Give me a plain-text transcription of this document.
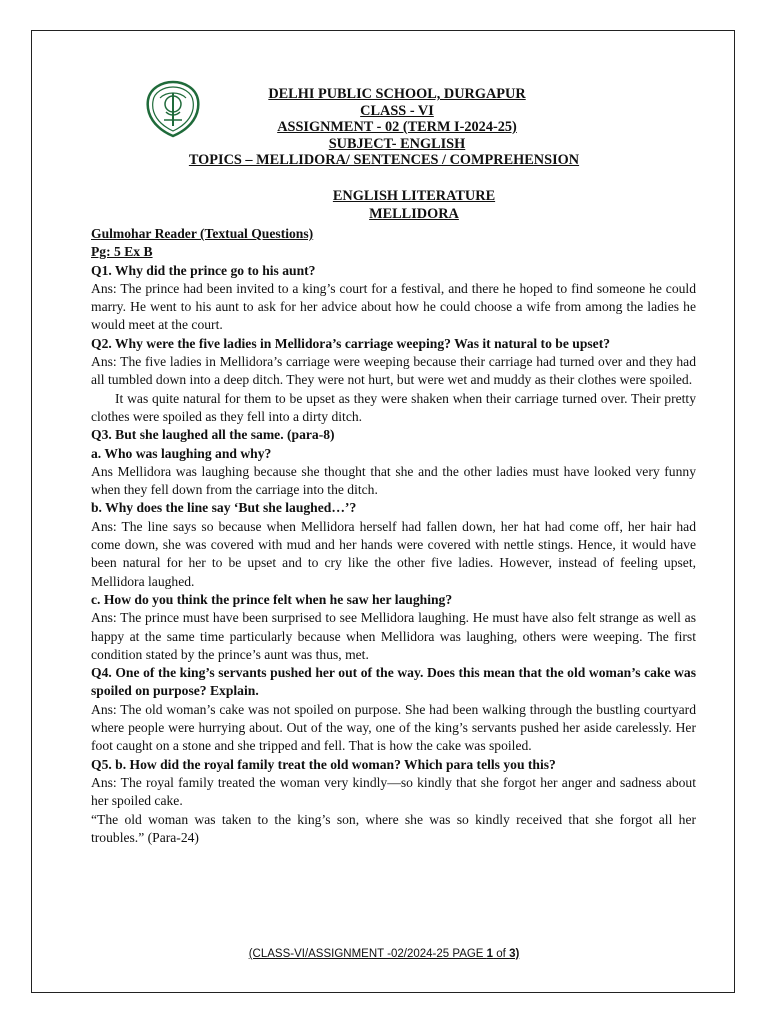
DELHI PUBLIC SCHOOL, DURGAPUR
CLASS - VI
ASSIGNMENT - 02 (TERM I-2024-25)
SUBJECT- ENGLISH
TOPICS – MELLIDORA/ SENTENCES / COMPREHENSION
ENGLISH LITERATURE
MELLIDORA

Gulmohar Reader (Textual Questions)

Pg: 5 Ex B

Q1. Why did the prince go to his aunt?

Ans: The prince had been invited to a king’s court for a festival, and there he hoped to find someone he could marry. He went to his aunt to ask for her advice about how he could choose a wife from among the ladies he would meet at the court.

Q2. Why were the five ladies in Mellidora’s carriage weeping? Was it natural to be upset?

Ans: The five ladies in Mellidora’s carriage were weeping because their carriage had turned over and they had all tumbled down into a deep ditch. They were not hurt, but were wet and muddy as their clothes were spoiled.

It was quite natural for them to be upset as they were shaken when their carriage turned over. Their pretty clothes were spoiled as they fell into a dirty ditch.

Q3. But she laughed all the same. (para-8)

a. Who was laughing and why?

Ans Mellidora was laughing because she thought that she and the other ladies must have looked very funny when they fell down from the carriage into the ditch.

b. Why does the line say ‘But she laughed…’?

Ans: The line says so because when Mellidora herself had fallen down, her hat had come off, her hair had come down, she was covered with mud and her hands were covered with nettle stings. Hence, it would have been natural for her to be upset and to cry like the other five ladies. However, instead of feeling upset, Mellidora laughed.

c. How do you think the prince felt when he saw her laughing?

Ans: The prince must have been surprised to see Mellidora laughing. He must have also felt strange as well as happy at the same time particularly because when Mellidora was laughing, others were weeping. The first condition stated by the prince’s aunt was thus, met.

Q4. One of the king’s servants pushed her out of the way. Does this mean that the old woman’s cake was spoiled on purpose? Explain.

Ans: The old woman’s cake was not spoiled on purpose. She had been walking through the bustling courtyard where people were hurrying about. Out of the way, one of the king’s servants pushed her aside carelessly. Her foot caught on a stone and she tripped and fell. That is how the cake was spoiled.

Q5. b. How did the royal family treat the old woman? Which para tells you this?

Ans: The royal family treated the woman very kindly—so kindly that she forgot her anger and sadness about her spoiled cake.

“The old woman was taken to the king’s son, where she was so kindly received that she forgot all her troubles.” (Para-24)

(CLASS-VI/ASSIGNMENT -02/2024-25 PAGE 1 of 3)
